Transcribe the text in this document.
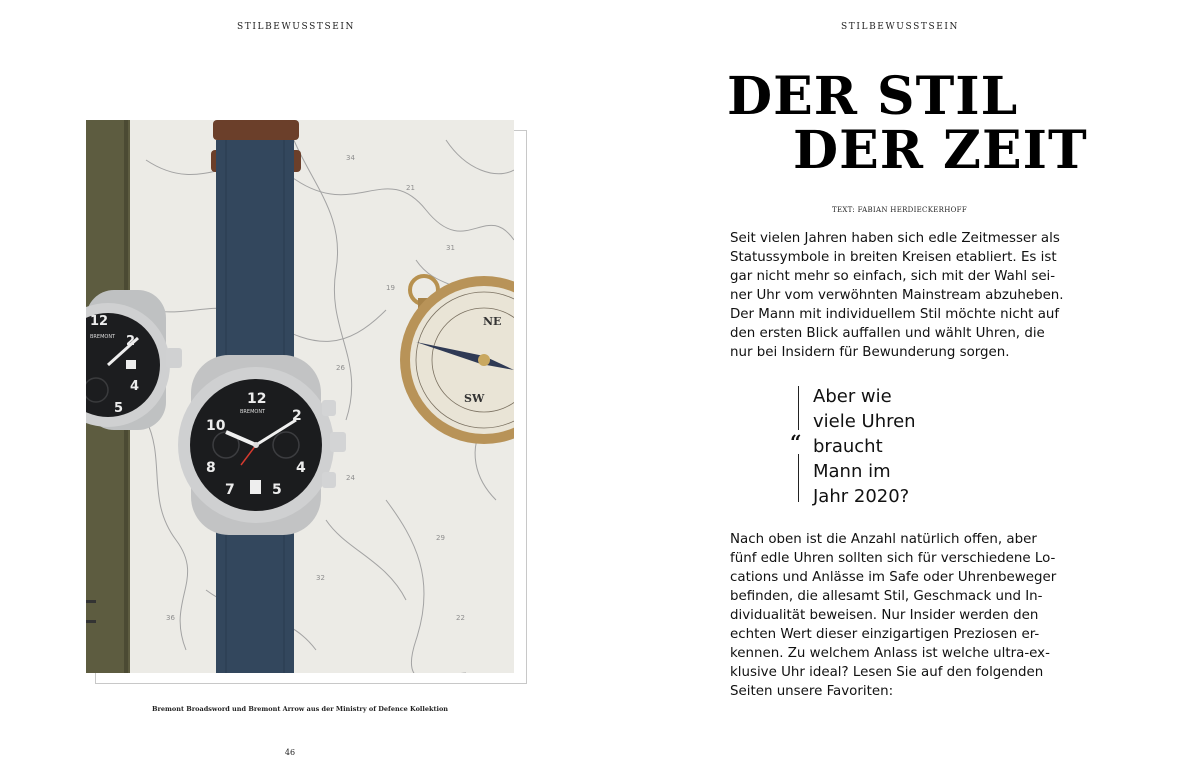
STILBEWUSSTSEIN
34
21
19
31
24
29
36
32
22
26
12
2
4
5
BREMONT
12
10
2
4
8
5
7
BREMONT
NE
SW
Bremont Broadsword und Bremont Arrow aus der Ministry of Defence Kollektion
46
STILBEWUSSTSEIN
DER STIL
DER ZEIT
TEXT: FABIAN HERDIECKERHOFF

Seit vielen Jahren haben sich edle Zeitmesser als
Statussymbole in breiten Kreisen etabliert. Es ist
gar nicht mehr so einfach, sich mit der Wahl sei-
ner Uhr vom verwöhnten Mainstream abzuheben.
Der Mann mit individuellem Stil möchte nicht auf
den ersten Blick auffallen und wählt Uhren, die
nur bei Insidern für Bewunderung sorgen.

“
Aber wie
viele Uhren
braucht
Mann im
Jahr 2020?

Nach oben ist die Anzahl natürlich offen, aber
fünf edle Uhren sollten sich für verschiedene Lo-
cations und Anlässe im Safe oder Uhrenbeweger
befinden, die allesamt Stil, Geschmack und In-
dividualität beweisen. Nur Insider werden den
echten Wert dieser einzigartigen Preziosen er-
kennen. Zu welchem Anlass ist welche ultra-ex-
klusive Uhr ideal? Lesen Sie auf den folgenden
Seiten unsere Favoriten:
